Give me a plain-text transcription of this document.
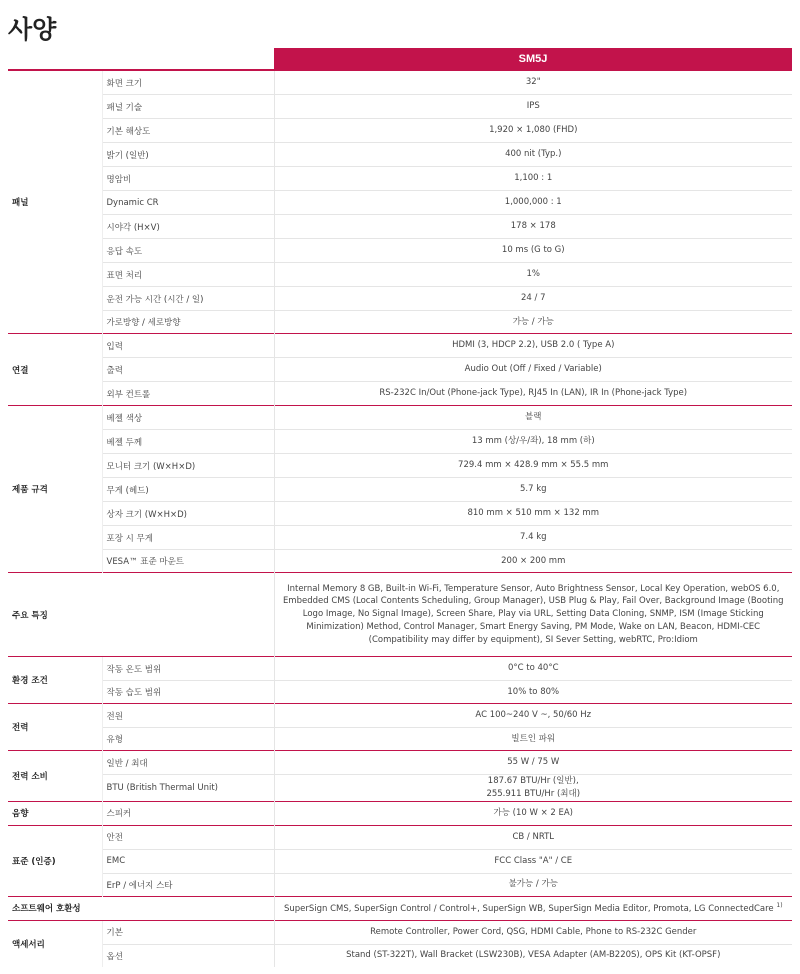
사양
SM5J
패널	화면 크기	32"
	패널 기술	IPS
	기본 해상도	1,920 × 1,080 (FHD)
	밝기 (일반)	400 nit (Typ.)
	명암비	1,100 : 1
	Dynamic CR	1,000,000 : 1
	시야각 (H×V)	178 × 178
	응답 속도	10 ms (G to G)
	표면 처리	1%
	운전 가능 시간 (시간 / 일)	24 / 7
	가로방향 / 세로방향	가능 / 가능
연결	입력	HDMI (3, HDCP 2.2), USB 2.0 ( Type A)
	출력	Audio Out (Off / Fixed / Variable)
	외부 컨트롤	RS-232C In/Out (Phone-jack Type), RJ45 In (LAN), IR In (Phone-jack Type)
제품 규격	베젤 색상	블랙
	베젤 두께	13 mm (상/우/좌), 18 mm (하)
	모니터 크기 (W×H×D)	729.4 mm × 428.9 mm × 55.5 mm
	무게 (헤드)	5.7 kg
	상자 크기 (W×H×D)	810 mm × 510 mm × 132 mm
	포장 시 무게	7.4 kg
	VESA™ 표준 마운트	200 × 200 mm
주요 특징		Internal Memory 8 GB, Built-in Wi-Fi, Temperature Sensor, Auto Brightness Sensor, Local Key Operation, webOS 6.0, Embedded CMS (Local Contents Scheduling, Group Manager), USB Plug & Play, Fail Over, Background Image (Booting Logo Image, No Signal Image), Screen Share, Play via URL, Setting Data Cloning, SNMP, ISM (Image Sticking Minimization) Method, Control Manager, Smart Energy Saving, PM Mode, Wake on LAN, Beacon, HDMI-CEC (Compatibility may differ by equipment), SI Sever Setting, webRTC, Pro:Idiom
환경 조건	작동 온도 범위	0°C to 40°C
	작동 습도 범위	10% to 80%
전력	전원	AC 100~240 V ~, 50/60 Hz
	유형	빌트인 파워
전력 소비	일반 / 최대	55 W / 75 W
	BTU (British Thermal Unit)	187.67 BTU/Hr (일반),
255.911 BTU/Hr (최대)
음향	스피커	가능 (10 W × 2 EA)
표준 (인증)	안전	CB / NRTL
	EMC	FCC Class "A" / CE
	ErP / 에너지 스타	불가능 / 가능
소프트웨어 호환성		SuperSign CMS, SuperSign Control / Control+, SuperSign WB, SuperSign Media Editor, Promota, LG ConnectedCare $^{1)}$
액세서리	기본	Remote Controller, Power Cord, QSG, HDMI Cable, Phone to RS-232C Gender
	옵션	Stand (ST-322T), Wall Bracket (LSW230B), VESA Adapter (AM-B220S), OPS Kit (KT-OPSF)
